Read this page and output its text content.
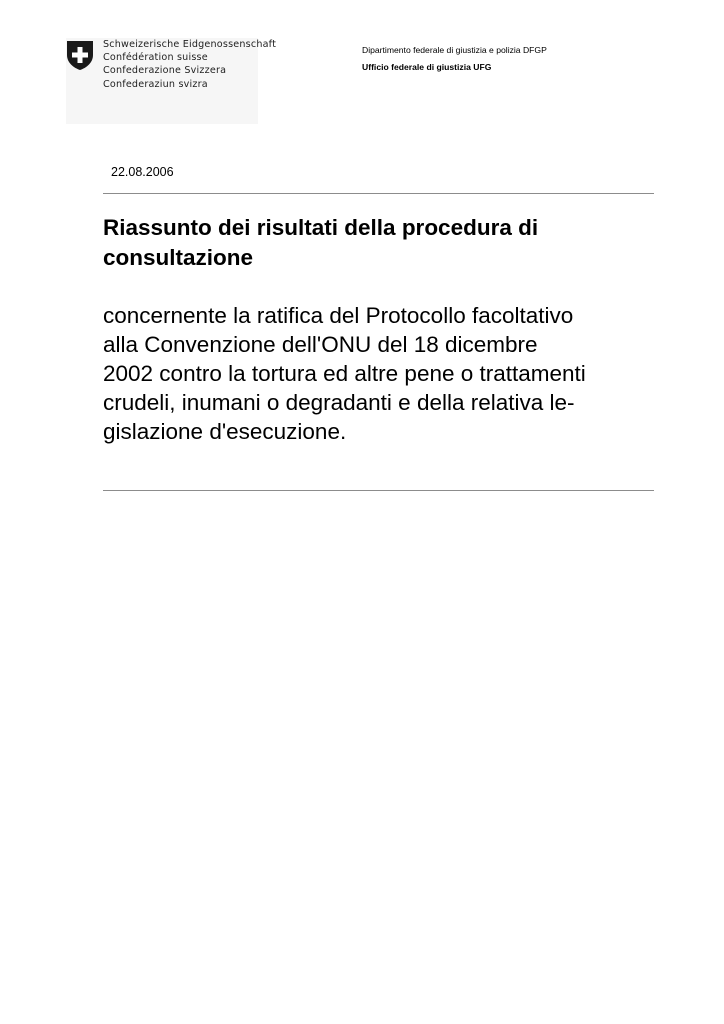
Schweizerische Eidgenossenschaft
Confédération suisse
Confederazione Svizzera
Confederaziun svizra
Dipartimento federale di giustizia e polizia DFGP
Ufficio federale di giustizia UFG
22.08.2006
Riassunto dei risultati della procedura di consultazione

concernente la ratifica del Protocollo facoltativo
alla Convenzione dell'ONU del 18 dicembre
2002 contro la tortura ed altre pene o trattamenti
crudeli, inumani o degradanti e della relativa le-
gislazione d'esecuzione.
